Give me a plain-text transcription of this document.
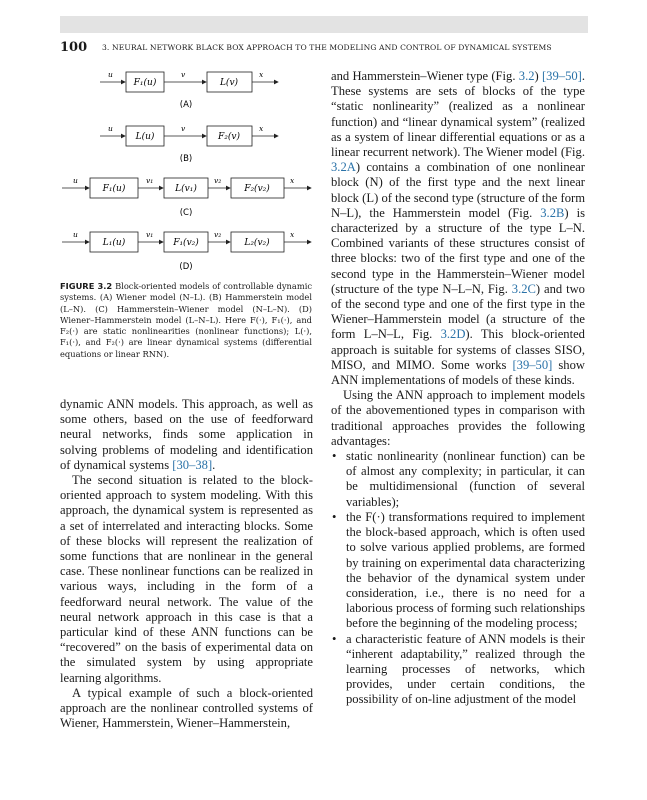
100 3. NEURAL NETWORK BLACK BOX APPROACH TO THE MODELING AND CONTROL OF DYNAMICAL SYSTEMS
F₁(u)	L(v)
u	v	x
(A)
L(u)	F₂(v)
u	v	x
(B)
F₁(u)	L(v₁)	F₂(v₂)
u	v₁	v₂	x
(C)
L₁(u)	F₁(v₂)	L₂(v₂)
u	v₁	v₂	x
(D)
FIGURE 3.2 Block-oriented models of controllable dynamic systems. (A) Wiener model (N–L). (B) Hammerstein model (L–N). (C) Hammerstein–Wiener model (N–L–N). (D) Wiener–Hammerstein model (L–N–L). Here F(·), F₁(·), and F₂(·) are static nonlinearities (nonlinear functions); L(·), F₁(·), and F₂(·) are linear dynamical systems (differential equations or linear RNN).

dynamic ANN models. This approach, as well as some others, based on the use of feedforward neural networks, finds some application in solving problems of modeling and identification of dynamical systems [30–38].

The second situation is related to the block-oriented approach to system modeling. With this approach, the dynamical system is represented as a set of interrelated and interacting blocks. Some of these blocks will represent the realization of some functions that are nonlinear in the general case. These nonlinear functions can be realized in various ways, including in the form of a feedforward neural network. The value of the neural network approach in this case is that a particular kind of these ANN functions can be “recovered” on the basis of experimental data on the simulated system by using appropriate learning algorithms.

A typical example of such a block-oriented approach are the nonlinear controlled systems of Wiener, Hammerstein, Wiener–Hammerstein,

and Hammerstein–Wiener type (Fig. 3.2) [39–50]. These systems are sets of blocks of the type “static nonlinearity” (realized as a nonlinear function) and “linear dynamical system” (realized as a system of linear differential equations or as a linear recurrent network). The Wiener model (Fig. 3.2A) contains a combination of one nonlinear block (N) of the first type and the next linear block (L) of the second type (structure of the form N–L), the Hammerstein model (Fig. 3.2B) is characterized by a structure of the type L–N. Combined variants of these structures consist of three blocks: two of the first type and one of the second type in the Hammerstein–Wiener model (structure of the type N–L–N, Fig. 3.2C) and two of the second type and one of the first type in the Wiener–Hammerstein model (a structure of the form L–N–L, Fig. 3.2D). This block-oriented approach is suitable for systems of classes SISO, MISO, and MIMO. Some works [39–50] show ANN implementations of models of these kinds.

Using the ANN approach to implement models of the abovementioned types in comparison with traditional approaches provides the following advantages:

• static nonlinearity (nonlinear function) can be of almost any complexity; in particular, it can be multidimensional (function of several variables);
• the F(·) transformations required to implement the block-based approach, which is often used to solve various applied problems, are formed by training on experimental data characterizing the behavior of the dynamical system under consideration, i.e., there is no need for a laborious process of forming such relationships before the beginning of the modeling process;
• a characteristic feature of ANN models is their “inherent adaptability,” realized through the learning processes of networks, which provides, under certain conditions, the possibility of on-line adjustment of the model
